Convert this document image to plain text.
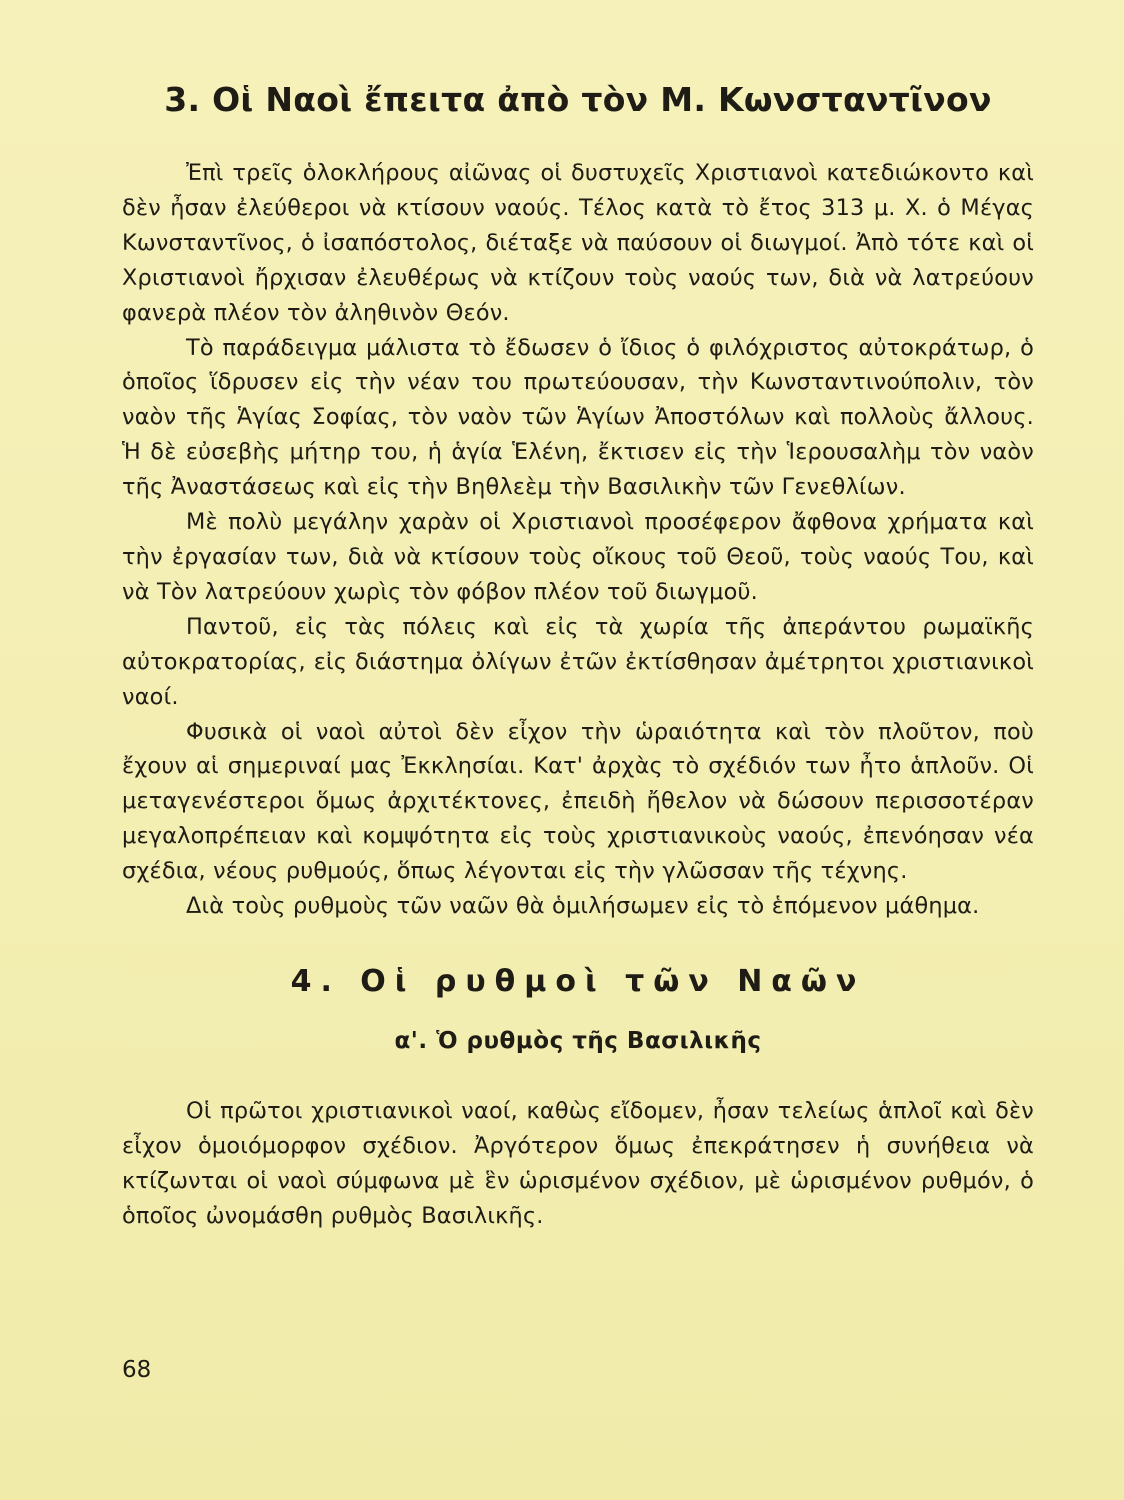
3. Οἱ Ναοὶ ἔπειτα ἀπὸ τὸν Μ. Κωνσταντῖνον

Ἐπὶ τρεῖς ὁλοκλήρους αἰῶνας οἱ δυστυχεῖς Χριστιανοὶ κατεδιώκοντο καὶ δὲν ἦσαν ἐλεύθεροι νὰ κτίσουν ναούς. Τέλος κατὰ τὸ ἔτος 313 μ. Χ. ὁ Μέγας Κωνσταντῖνος, ὁ ἰσαπόστολος, διέταξε νὰ παύσουν οἱ διωγμοί. Ἀπὸ τότε καὶ οἱ Χριστιανοὶ ἤρχισαν ἐλευθέρως νὰ κτίζουν τοὺς ναούς των, διὰ νὰ λατρεύουν φανερὰ πλέον τὸν ἀληθινὸν Θεόν.

Τὸ παράδειγμα μάλιστα τὸ ἔδωσεν ὁ ἴδιος ὁ φιλόχριστος αὐτοκράτωρ, ὁ ὁποῖος ἵδρυσεν εἰς τὴν νέαν του πρωτεύουσαν, τὴν Κωνσταντινούπολιν, τὸν ναὸν τῆς Ἁγίας Σοφίας, τὸν ναὸν τῶν Ἁγίων Ἀποστόλων καὶ πολλοὺς ἄλλους. Ἡ δὲ εὐσεβὴς μήτηρ του, ἡ ἁγία Ἑλένη, ἔκτισεν εἰς τὴν Ἱερουσαλὴμ τὸν ναὸν τῆς Ἀναστάσεως καὶ εἰς τὴν Βηθλεὲμ τὴν Βασιλικὴν τῶν Γενεθλίων.

Μὲ πολὺ μεγάλην χαρὰν οἱ Χριστιανοὶ προσέφερον ἄφθονα χρήματα καὶ τὴν ἐργασίαν των, διὰ νὰ κτίσουν τοὺς οἴκους τοῦ Θεοῦ, τοὺς ναούς Του, καὶ νὰ Τὸν λατρεύουν χωρὶς τὸν φόβον πλέον τοῦ διωγμοῦ.

Παντοῦ, εἰς τὰς πόλεις καὶ εἰς τὰ χωρία τῆς ἀπεράντου ρωμαϊκῆς αὐτοκρατορίας, εἰς διάστημα ὀλίγων ἐτῶν ἐκτίσθησαν ἀμέτρητοι χριστιανικοὶ ναοί.

Φυσικὰ οἱ ναοὶ αὐτοὶ δὲν εἶχον τὴν ὡραιότητα καὶ τὸν πλοῦτον, ποὺ ἔχουν αἱ σημεριναί μας Ἐκκλησίαι. Κατ' ἀρχὰς τὸ σχέδιόν των ἦτο ἁπλοῦν. Οἱ μεταγενέστεροι ὅμως ἀρχιτέκτονες, ἐπειδὴ ἤθελον νὰ δώσουν περισσοτέραν μεγαλοπρέπειαν καὶ κομψότητα εἰς τοὺς χριστιανικοὺς ναούς, ἐπενόησαν νέα σχέδια, νέους ρυθμούς, ὅπως λέγονται εἰς τὴν γλῶσσαν τῆς τέχνης.

Διὰ τοὺς ρυθμοὺς τῶν ναῶν θὰ ὁμιλήσωμεν εἰς τὸ ἑπόμενον μάθημα.

4. Οἱ ρυθμοὶ τῶν Ναῶν
α'. Ὁ ρυθμὸς τῆς Βασιλικῆς

Οἱ πρῶτοι χριστιανικοὶ ναοί, καθὼς εἴδομεν, ἦσαν τελείως ἁπλοῖ καὶ δὲν εἶχον ὁμοιόμορφον σχέδιον. Ἀργότερον ὅμως ἐπεκράτησεν ἡ συνήθεια νὰ κτίζωνται οἱ ναοὶ σύμφωνα μὲ ἓν ὡρισμένον σχέδιον, μὲ ὡρισμένον ρυθμόν, ὁ ὁποῖος ὠνομάσθη ρυθμὸς Βασιλικῆς.

68
